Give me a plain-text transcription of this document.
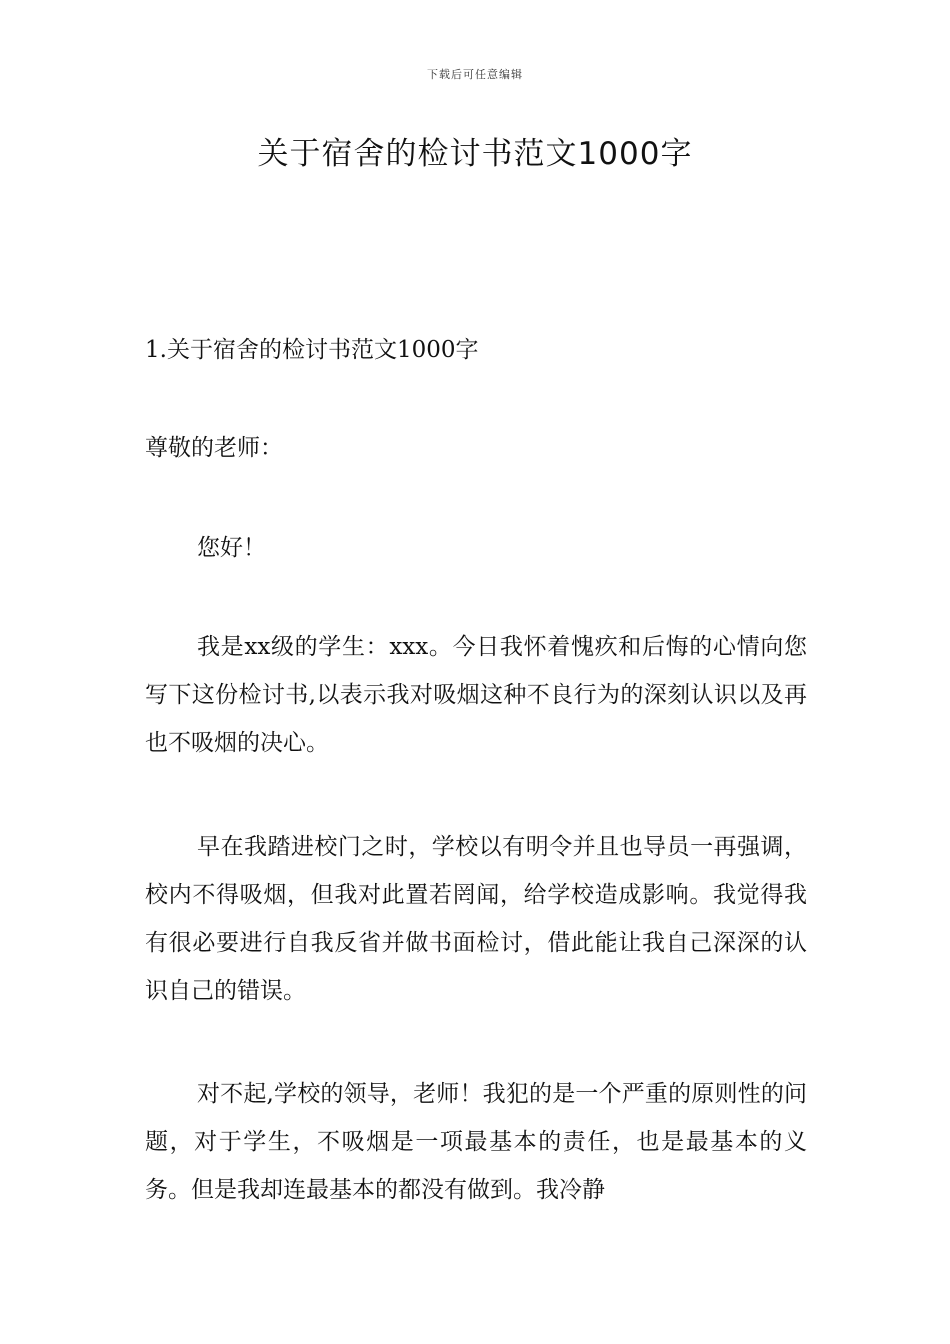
下载后可任意编辑
关于宿舍的检讨书范文1000字

1.关于宿舍的检讨书范文1000字

尊敬的老师：

您好！

我是xx级的学生：xxx。今日我怀着愧疚和后悔的心情向您写下这份检讨书,以表示我对吸烟这种不良行为的深刻认识以及再也不吸烟的决心。

早在我踏进校门之时，学校以有明令并且也导员一再强调，校内不得吸烟，但我对此置若罔闻，给学校造成影响。我觉得我有很必要进行自我反省并做书面检讨，借此能让我自己深深的认识自己的错误。

对不起,学校的领导，老师！我犯的是一个严重的原则性的问题，对于学生，不吸烟是一项最基本的责任，也是最基本的义务。但是我却连最基本的都没有做到。我冷静
